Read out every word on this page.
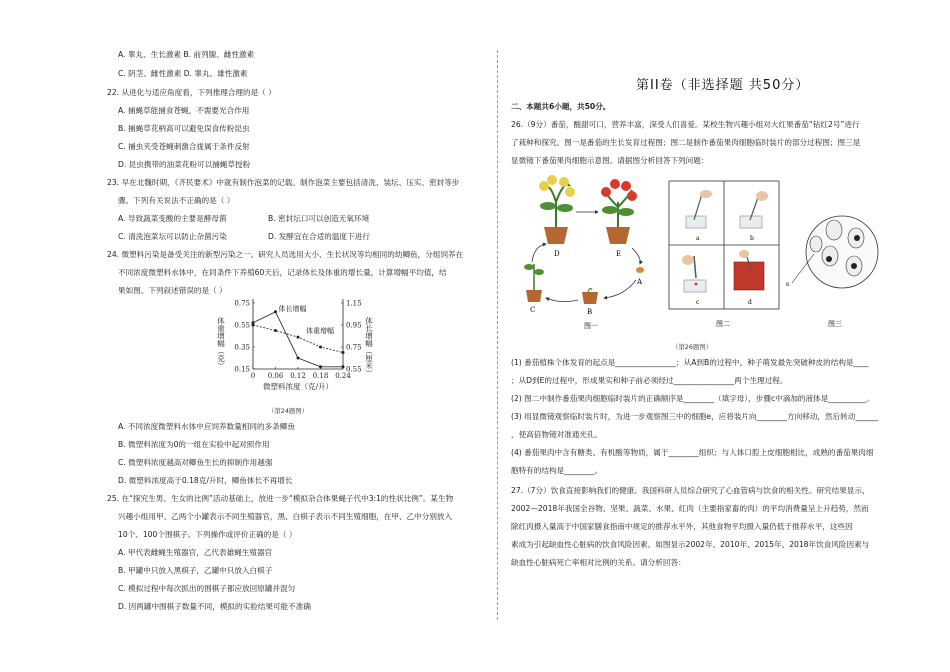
A. 睾丸、生长激素 B. 前列腺、雌性激素
C. 阴茎、雌性激素 D. 睾丸、雄性激素
22. 从进化与适应角度看，下列推理合理的是（ ）
A. 捕蝇草能捕食苍蝇，不需要光合作用
B. 捕蝇草花柄高可以避免误食传粉昆虫
C. 捕虫夹受苍蝇刺激合拢属于条件反射
D. 昆虫携带的油菜花粉可以捕蝇草授粉
23. 早在北魏时期，《齐民要术》中就有制作泡菜的记载。制作泡菜主要包括清洗、装坛、压实、密封等步
骤。下列有关说法不正确的是（ ）
A. 导致蔬菜变酸的主要是酵母菌	B. 密封坛口可以创造无氧环境
C. 清洗泡菜坛可以防止杂菌污染	D. 发酵宜在合适的温度下进行
24. 微塑料污染是备受关注的新型污染之一。研究人员选用大小、生长状况等均相同的幼鲫鱼，分组饲养在
不同浓度微塑料水体中，在同条件下养殖60天后，记录体长及体重的增长量，计算增幅平均值，结
果如图。下列叙述错误的是（ ）
0.15
0.35
0.55
0.75
0.55
0.75
0.95
1.15
0 0.06 0.12 0.18 0.24
微塑料浓度（克/升）
体重增幅（克）	体长增幅（厘米）
体长增幅
体重增幅
（第24题图）
A. 不同浓度微塑料水体中应饲养数量相同的多条鲫鱼
B. 微塑料浓度为0的一组在实验中起对照作用
C. 微塑料浓度越高对鲫鱼生长的抑制作用越强
D. 微塑料浓度高于0.18克/升时，鲫鱼体长不再增长
25. 在“探究生男、生女的比例”活动基础上，放进一步“模拟杂合体果蝇子代中3:1的性状比例”。某生物
兴趣小组用甲、乙两个小罐表示不同生殖器官，黑、白棋子表示不同生殖细胞，在甲、乙中分别放入
10个、100个围棋子。下列操作或评价正确的是（ ）
A. 甲代表雌蝇生殖器官，乙代表雄蝇生殖器官
B. 甲罐中只放入黑棋子，乙罐中只放入白棋子
C. 模拟过程中每次抓出的围棋子都应放回原罐并混匀
D. 因两罐中围棋子数量不同，模拟的实验结果可能不准确
第II卷（非选择题 共50分）
二、本题共6小题，共50分。
26.（9分）番茄，酸甜可口，营养丰富，深受人们喜爱。某校生物兴趣小组对大红果番茄“钻红2号”进行
了栽种和探究。图一是番茄的生长发育过程图；图二是制作番茄果肉细胞临时装片的部分过程图；图三是
显微镜下番茄果肉细胞示意图。请据图分析回答下列问题：
D	E
C	B
A
图一
a	b
c	d
图二
e
图三
（第26题图）
(1) 番茄植株个体发育的起点是________________；从A到B的过程中，种子萌发最先突破种皮的结构是____
；从D到E的过程中，形成果实和种子前必须经过________________两个生理过程。
(2) 图二中制作番茄果肉细胞临时装片的正确顺序是________（填字母），步骤c中滴加的液体是__________。
(3) 用显微镜观察临时装片时，为进一步观察图三中的细胞e，应将装片向________方向移动，然后转动______
，使高倍物镜对准通光孔。
(4) 番茄果肉中含有糖类、有机酸等物质，属于________组织；与人体口腔上皮细胞相比，成熟的番茄果肉细
胞特有的结构是________。
27.（7分）饮食直接影响我们的健康。我国科研人员综合研究了心血管病与饮食的相关性。研究结果显示，
2002—2018年我国全谷物、坚果、蔬菜、水果、红肉（主要指家畜的肉）的平均消费量呈上升趋势，然而
除红肉摄入量高于中国家膳食指南中规定的推荐水平外，其他食物平均摄入量仍低于推荐水平，这些因
素成为引起缺血性心脏病的饮食风险因素。如图显示2002年、2010年、2015年、2018年饮食风险因素与
缺血性心脏病死亡率相对比例的关系。请分析回答：
